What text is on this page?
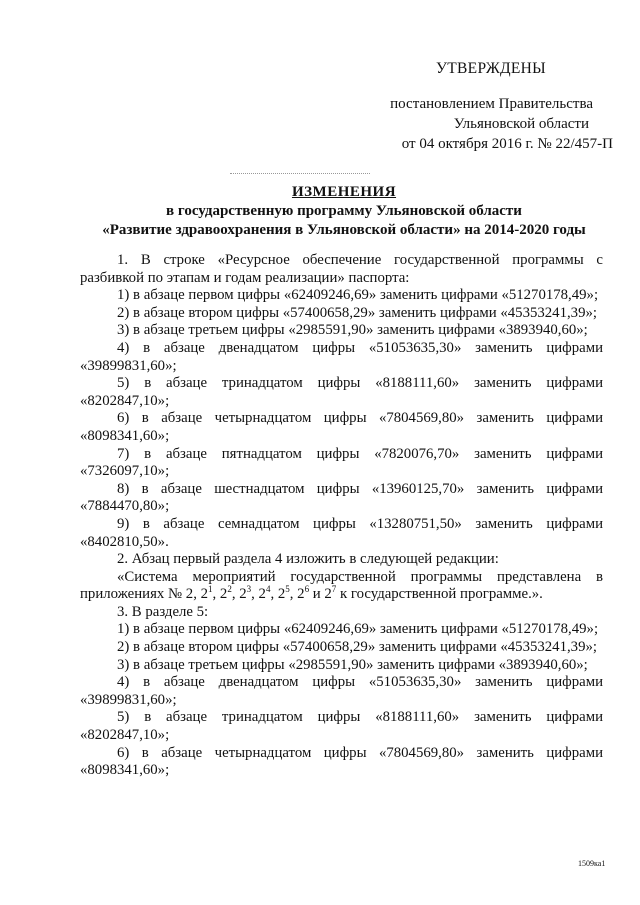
УТВЕРЖДЕНЫ
постановлением Правительства
Ульяновской области
от 04 октября 2016 г. № 22/457-П
ИЗМЕНЕНИЯ
в государственную программу Ульяновской области
«Развитие здравоохранения в Ульяновской области» на 2014-2020 годы

1. В строке «Ресурсное обеспечение государственной программы с разбивкой по этапам и годам реализации» паспорта:

1) в абзаце первом цифры «62409246,69» заменить цифрами «51270178,49»;

2) в абзаце втором цифры «57400658,29» заменить цифрами «45353241,39»;

3) в абзаце третьем цифры «2985591,90» заменить цифрами «3893940,60»;

4) в абзаце двенадцатом цифры «51053635,30» заменить цифрами «39899831,60»;

5) в абзаце тринадцатом цифры «8188111,60» заменить цифрами «8202847,10»;

6) в абзаце четырнадцатом цифры «7804569,80» заменить цифрами «8098341,60»;

7) в абзаце пятнадцатом цифры «7820076,70» заменить цифрами «7326097,10»;

8) в абзаце шестнадцатом цифры «13960125,70» заменить цифрами «7884470,80»;

9) в абзаце семнадцатом цифры «13280751,50» заменить цифрами «8402810,50».

2. Абзац первый раздела 4 изложить в следующей редакции:

«Система мероприятий государственной программы представлена в приложениях № 2, $2^1$, $2^2$, $2^3$, $2^4$, $2^5$, $2^6$ и $2^7$ к государственной программе.».

3. В разделе 5:

1) в абзаце первом цифры «62409246,69» заменить цифрами «51270178,49»;

2) в абзаце втором цифры «57400658,29» заменить цифрами «45353241,39»;

3) в абзаце третьем цифры «2985591,90» заменить цифрами «3893940,60»;

4) в абзаце двенадцатом цифры «51053635,30» заменить цифрами «39899831,60»;

5) в абзаце тринадцатом цифры «8188111,60» заменить цифрами «8202847,10»;

6) в абзаце четырнадцатом цифры «7804569,80» заменить цифрами «8098341,60»;

1509ка1
